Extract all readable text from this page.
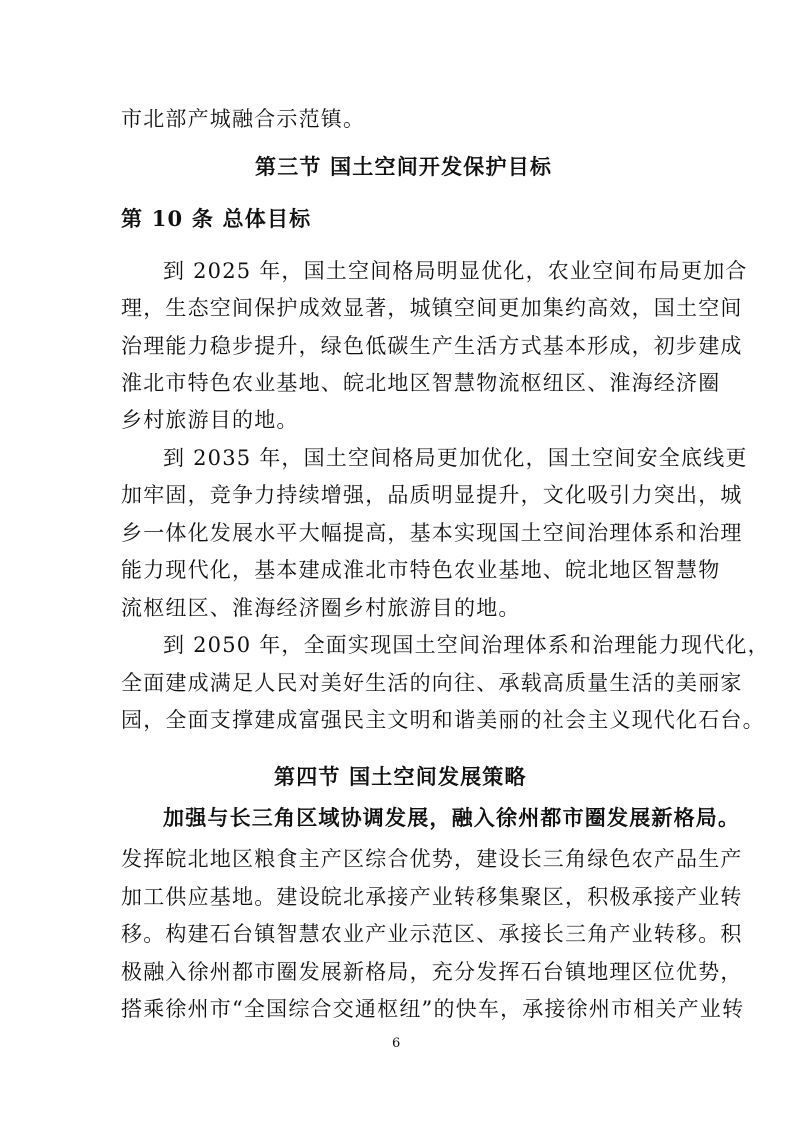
市北部产城融合示范镇。
第三节 国土空间开发保护目标
第 10 条 总体目标
到 2025 年，国土空间格局明显优化，农业空间布局更加合
理，生态空间保护成效显著，城镇空间更加集约高效，国土空间
治理能力稳步提升，绿色低碳生产生活方式基本形成，初步建成
淮北市特色农业基地、皖北地区智慧物流枢纽区、淮海经济圈
乡村旅游目的地。
到 2035 年，国土空间格局更加优化，国土空间安全底线更
加牢固，竞争力持续增强，品质明显提升，文化吸引力突出，城
乡一体化发展水平大幅提高，基本实现国土空间治理体系和治理
能力现代化，基本建成淮北市特色农业基地、皖北地区智慧物
流枢纽区、淮海经济圈乡村旅游目的地。
到 2050 年，全面实现国土空间治理体系和治理能力现代化，
全面建成满足人民对美好生活的向往、承载高质量生活的美丽家
园，全面支撑建成富强民主文明和谐美丽的社会主义现代化石台。
第四节 国土空间发展策略
加强与长三角区域协调发展，融入徐州都市圈发展新格局。
发挥皖北地区粮食主产区综合优势，建设长三角绿色农产品生产
加工供应基地。建设皖北承接产业转移集聚区，积极承接产业转
移。构建石台镇智慧农业产业示范区、承接长三角产业转移。积
极融入徐州都市圈发展新格局，充分发挥石台镇地理区位优势，
搭乘徐州市“全国综合交通枢纽”的快车，承接徐州市相关产业转
6
